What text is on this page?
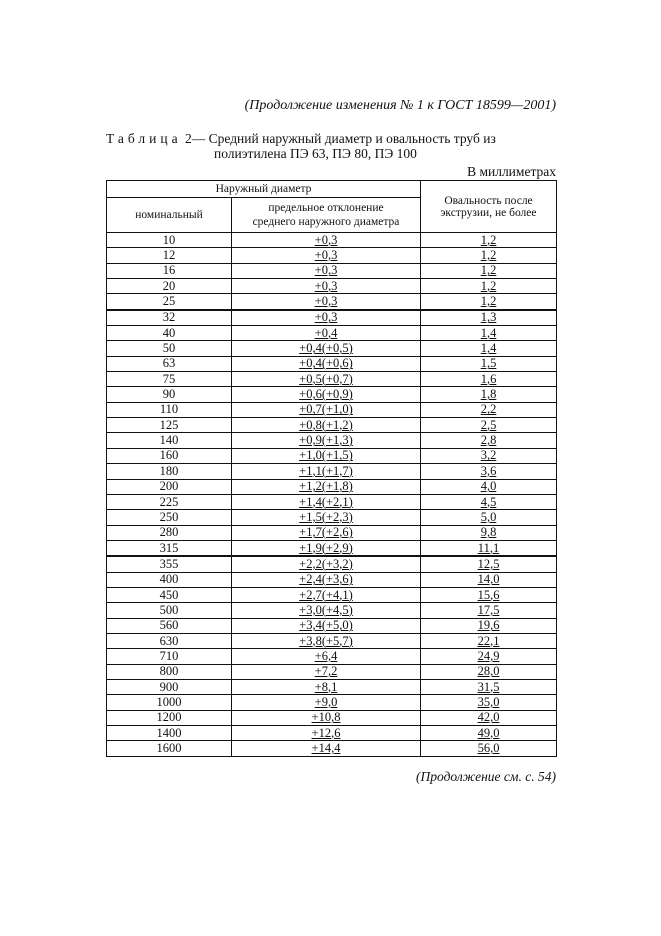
(Продолжение изменения № 1 к ГОСТ 18599—2001)
Таблица 2— Средний наружный диаметр и овальность труб из
полиэтилена ПЭ 63, ПЭ 80, ПЭ 100
В миллиметрах
Наружный диаметр		Овальность после
экструзии, не более
номинальный	предельное отклонение
среднего наружного диаметра	
10	+0,3	1,2
12	+0,3	1,2
16	+0,3	1,2
20	+0,3	1,2
25	+0,3	1,2
32	+0,3	1,3
40	+0,4	1,4
50	+0,4(+0,5)	1,4
63	+0,4(+0,6)	1,5
75	+0,5(+0,7)	1,6
90	+0,6(+0,9)	1,8
110	+0,7(+1,0)	2,2
125	+0,8(+1,2)	2,5
140	+0,9(+1,3)	2,8
160	+1,0(+1,5)	3,2
180	+1,1(+1,7)	3,6
200	+1,2(+1,8)	4,0
225	+1,4(+2,1)	4,5
250	+1,5(+2,3)	5,0
280	+1,7(+2,6)	9,8
315	+1,9(+2,9)	11,1
355	+2,2(+3,2)	12,5
400	+2,4(+3,6)	14,0
450	+2,7(+4,1)	15,6
500	+3,0(+4,5)	17,5
560	+3,4(+5,0)	19,6
630	+3,8(+5,7)	22,1
710	+6,4	24,9
800	+7,2	28,0
900	+8,1	31,5
1000	+9,0	35,0
1200	+10,8	42,0
1400	+12,6	49,0
1600	+14,4	56,0
(Продолжение см. с. 54)
